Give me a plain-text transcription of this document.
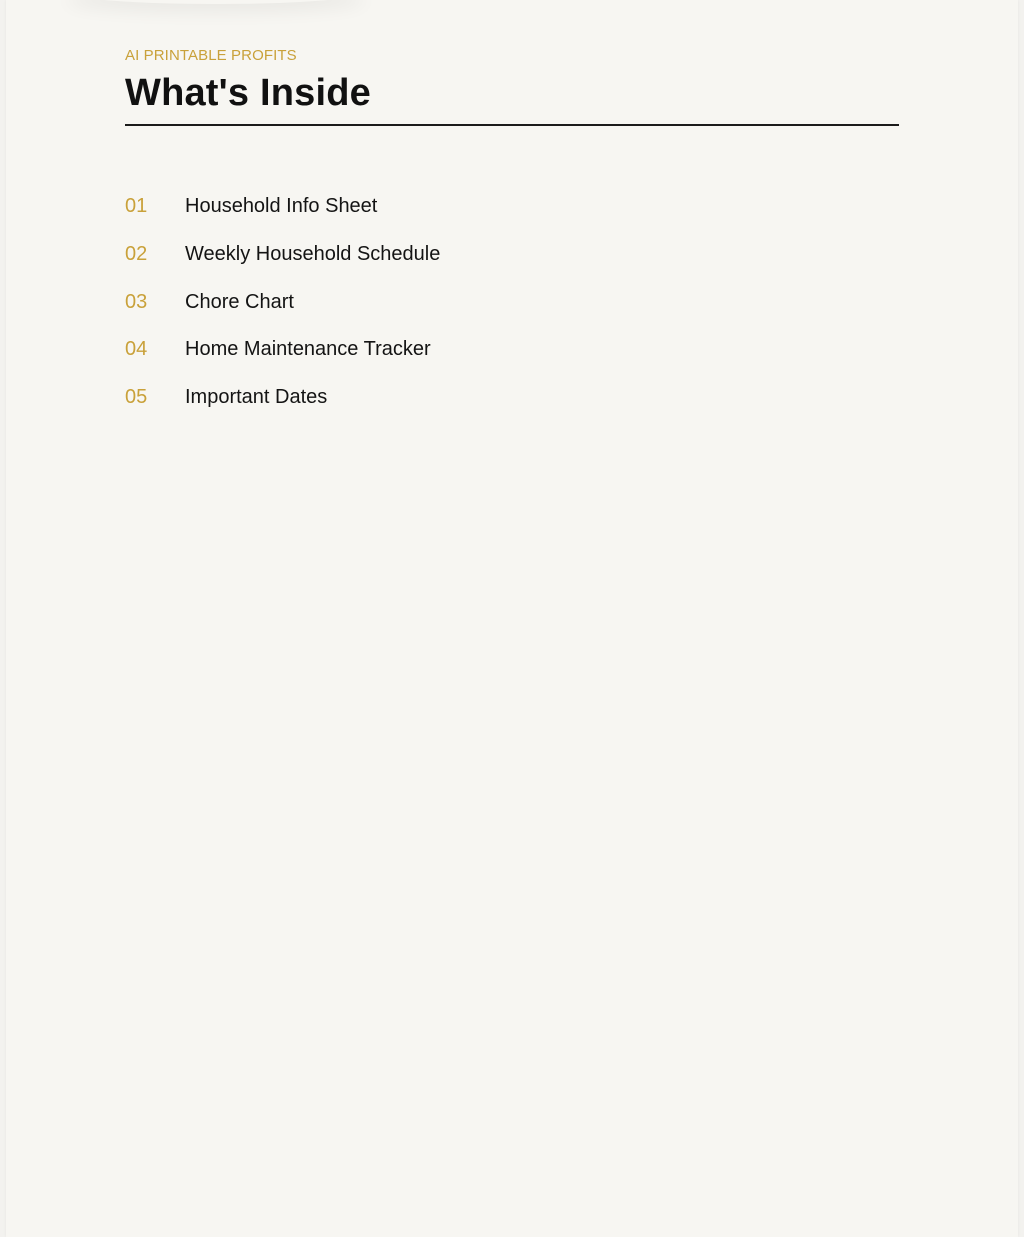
AI PRINTABLE PROFITS
What's Inside
01	Household Info Sheet
02	Weekly Household Schedule
03	Chore Chart
04	Home Maintenance Tracker
05	Important Dates
